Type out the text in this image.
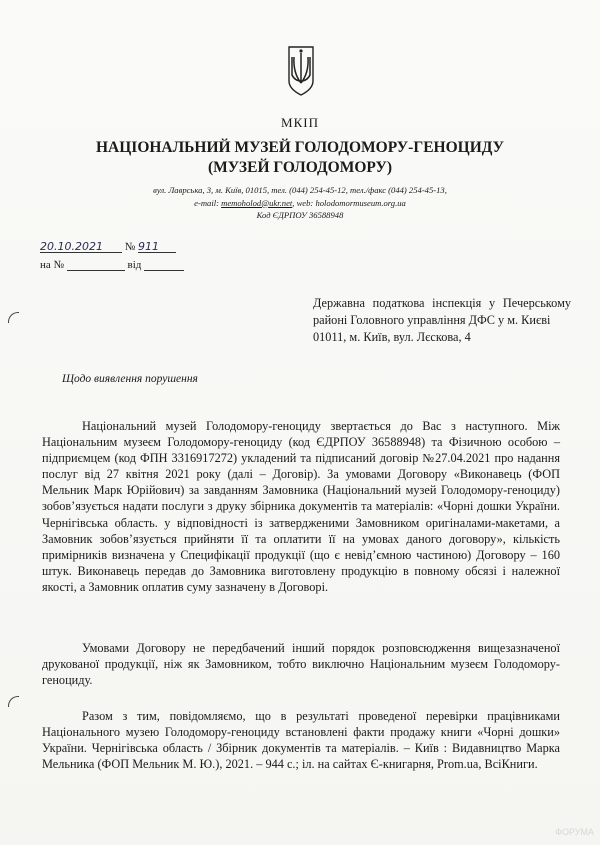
МКІП
НАЦІОНАЛЬНИЙ МУЗЕЙ ГОЛОДОМОРУ-ГЕНОЦИДУ
(МУЗЕЙ ГОЛОДОМОРУ)
вул. Лаврська, 3, м. Київ, 01015, тел. (044) 254-45-12, тел./факс (044) 254-45-13,
e-mail: memoholod@ukr.net, web: holodomormuseum.org.ua
Код ЄДРПОУ 36588948
20.10.2021 № 911
на №	від
Державна податкова інспекція у Печерському районі Головного управління ДФС у м. Києві
01011, м. Київ, вул. Лєскова, 4
Щодо виявлення порушення
Національний музей Голодомору-геноциду звертається до Вас з наступного. Між Національним музеєм Голодомору-геноциду (код ЄДРПОУ 36588948) та Фізичною особою – підприємцем (код ФПН 3316917272) укладений та підписаний договір №27.04.2021 про надання послуг від 27 квітня 2021 року (далі – Договір). За умовами Договору «Виконавець (ФОП Мельник Марк Юрійович) за завданням Замовника (Національний музей Голодомору-геноциду) зобов’язується надати послуги з друку збірника документів та матеріалів: «Чорні дошки України. Чернігівська область. у відповідності із затвердженими Замовником оригіналами-макетами, а Замовник зобов’язується прийняти її та оплатити її на умовах даного договору», кількість примірників визначена у Специфікації продукції (що є невід’ємною частиною) Договору – 160 штук. Виконавець передав до Замовника виготовлену продукцію в повному обсязі і належної якості, а Замовник оплатив суму зазначену в Договорі.
Умовами Договору не передбачений інший порядок розповсюдження вищезазначеної друкованої продукції, ніж як Замовником, тобто виключно Національним музеєм Голодомору-геноциду.
Разом з тим, повідомляємо, що в результаті проведеної перевірки працівниками Національного музею Голодомору-геноциду встановлені факти продажу книги «Чорні дошки» України. Чернігівська область / Збірник документів та матеріалів. – Київ : Видавництво Марка Мельника (ФОП Мельник М. Ю.), 2021. – 944 с.; іл. на сайтах Є-книгарня, Prom.ua, ВсіКниги.
ФОРУМА
